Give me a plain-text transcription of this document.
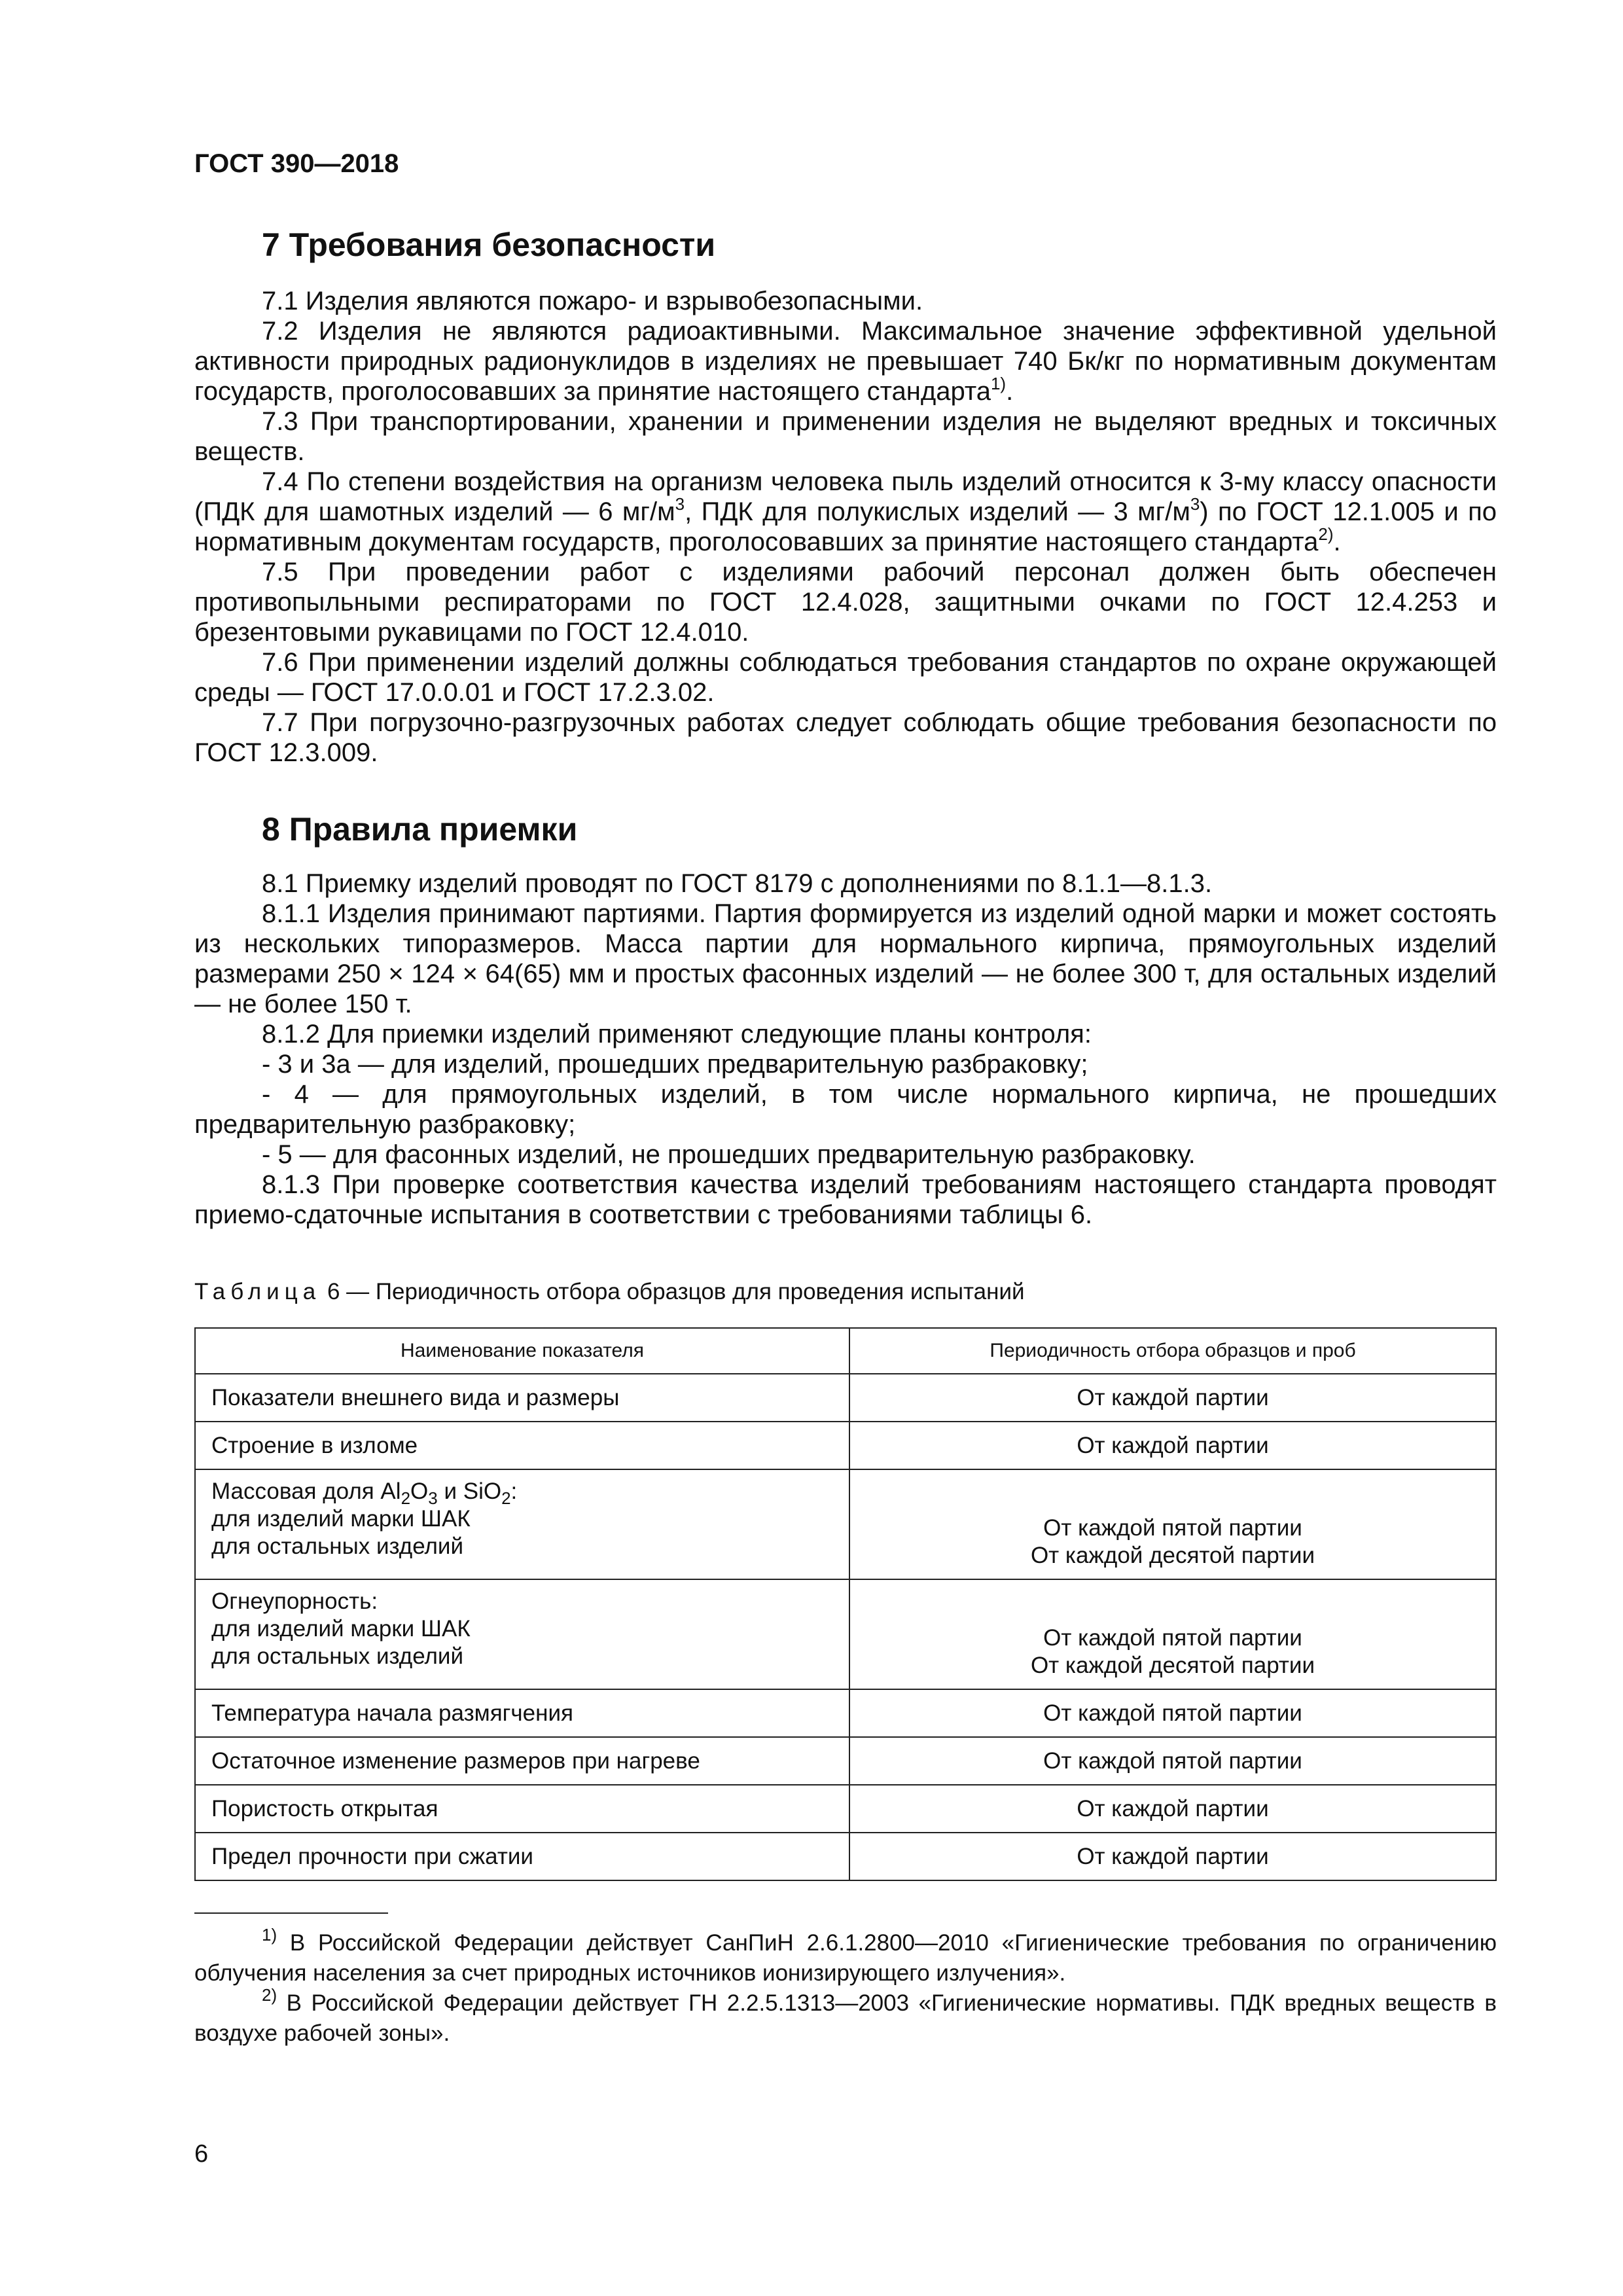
ГОСТ 390—2018
7 Требования безопасности

7.1 Изделия являются пожаро- и взрывобезопасными.

7.2 Изделия не являются радиоактивными. Максимальное значение эффективной удельной активности природных радионуклидов в изделиях не превышает 740 Бк/кг по нормативным документам государств, проголосовавших за принятие настоящего стандарта$^{1)}$.

7.3 При транспортировании, хранении и применении изделия не выделяют вредных и токсичных веществ.

7.4 По степени воздействия на организм человека пыль изделий относится к 3-му классу опасности (ПДК для шамотных изделий — 6 $мг/м^3$, ПДК для полукислых изделий — 3 $мг/м^3$) по ГОСТ 12.1.005 и по нормативным документам государств, проголосовавших за принятие настоящего стандарта$^{2)}$.

7.5 При проведении работ с изделиями рабочий персонал должен быть обеспечен противопыльными респираторами по ГОСТ 12.4.028, защитными очками по ГОСТ 12.4.253 и брезентовыми рукавицами по ГОСТ 12.4.010.

7.6 При применении изделий должны соблюдаться требования стандартов по охране окружающей среды — ГОСТ 17.0.0.01 и ГОСТ 17.2.3.02.

7.7 При погрузочно-разгрузочных работах следует соблюдать общие требования безопасности по ГОСТ 12.3.009.

8 Правила приемки

8.1 Приемку изделий проводят по ГОСТ 8179 с дополнениями по 8.1.1—8.1.3.

8.1.1 Изделия принимают партиями. Партия формируется из изделий одной марки и может состоять из нескольких типоразмеров. Масса партии для нормального кирпича, прямоугольных изделий размерами 250 × 124 × 64(65) мм и простых фасонных изделий — не более 300 т, для остальных изделий — не более 150 т.

8.1.2 Для приемки изделий применяют следующие планы контроля:

- 3 и 3а — для изделий, прошедших предварительную разбраковку;

- 4 — для прямоугольных изделий, в том числе нормального кирпича, не прошедших предварительную разбраковку;

- 5 — для фасонных изделий, не прошедших предварительную разбраковку.

8.1.3 При проверке соответствия качества изделий требованиям настоящего стандарта проводят приемо-сдаточные испытания в соответствии с требованиями таблицы 6.

Таблица 6 — Периодичность отбора образцов для проведения испытаний
Наименование показателя	Периодичность отбора образцов и проб
Показатели внешнего вида и размеры	От каждой партии
Строение в изломе	От каждой партии

Массовая доля $Al_2O_3$ и SiO$_2$:
для изделий марки ШАК
для остальных изделий	От каждой пятой партии
От каждой десятой партии

Огнеупорность:
для изделий марки ШАК
для остальных изделий	От каждой пятой партии
От каждой десятой партии

Температура начала размягчения	От каждой пятой партии
Остаточное изменение размеров при нагреве	От каждой пятой партии
Пористость открытая	От каждой партии
Предел прочности при сжатии	От каждой партии

$^{1)}$ В Российской Федерации действует СанПиН 2.6.1.2800—2010 «Гигиенические требования по ограничению облучения населения за счет природных источников ионизирующего излучения».

$^{2)}$ В Российской Федерации действует ГН 2.2.5.1313—2003 «Гигиенические нормативы. ПДК вредных веществ в воздухе рабочей зоны».

6
